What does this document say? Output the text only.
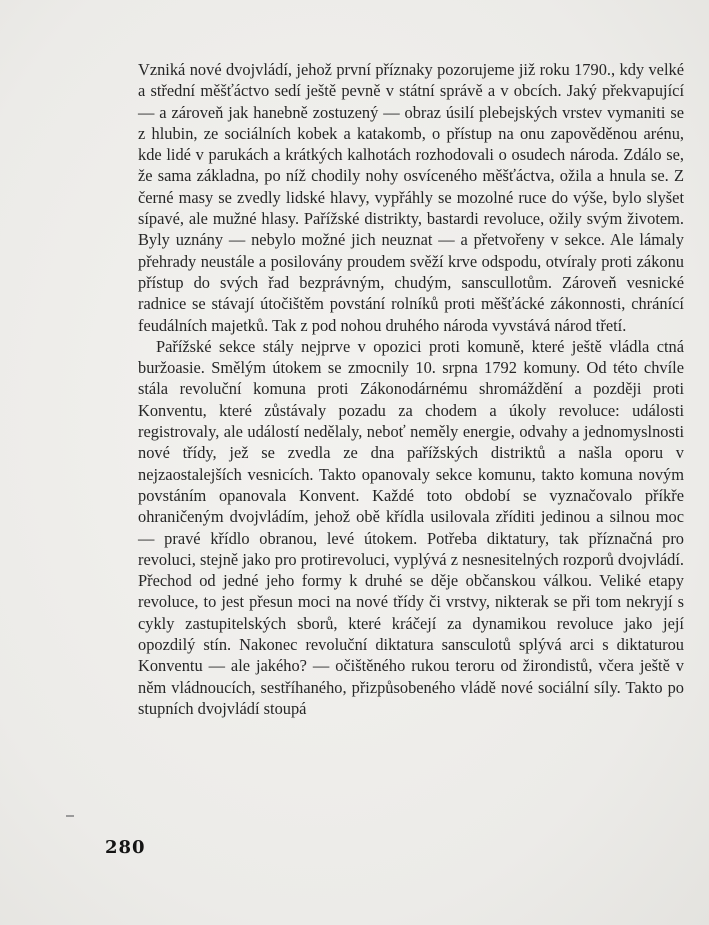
Vzniká nové dvojvládí, jehož první příznaky pozorujeme již roku 1790., kdy velké a střední měšťáctvo sedí ještě pevně v státní správě a v obcích. Jaký překvapující — a zároveň jak hanebně zostuzený — obraz úsilí plebejských vrstev vymaniti se z hlubin, ze sociálních kobek a katakomb, o přístup na onu zapověděnou arénu, kde lidé v parukách a krátkých kalhotách rozhodovali o osudech národa. Zdálo se, že sama základna, po níž chodily nohy osvíceného měšťáctva, ožila a hnula se. Z černé masy se zvedly lidské hlavy, vypřáhly se mozolné ruce do výše, bylo slyšet sípavé, ale mužné hlasy. Pařížské distrikty, bastardi revoluce, ožily svým životem. Byly uznány — nebylo možné jich neuznat — a přetvořeny v sekce. Ale lámaly přehrady neustále a posilovány proudem svěží krve odspodu, otvíraly proti zákonu přístup do svých řad bezprávným, chudým, sanscullotům. Zároveň vesnické radnice se stávají útočištěm povstání rolníků proti měšťácké zákonnosti, chránící feudálních majetků. Tak z pod nohou druhého národa vyvstává národ třetí.

Pařížské sekce stály nejprve v opozici proti komuně, které ještě vládla ctná buržoasie. Smělým útokem se zmocnily 10. srpna 1792 komuny. Od této chvíle stála revoluční komuna proti Zákonodárnému shromáždění a později proti Konventu, které zůstávaly pozadu za chodem a úkoly revoluce: události registrovaly, ale událostí nedělaly, neboť neměly energie, odvahy a jednomyslnosti nové třídy, jež se zvedla ze dna pařížských distriktů a našla oporu v nejzaostalejších vesnicích. Takto opanovaly sekce komunu, takto komuna novým povstáním opanovala Konvent. Každé toto období se vyznačovalo příkře ohraničeným dvojvládím, jehož obě křídla usilovala zříditi jedinou a silnou moc — pravé křídlo obranou, levé útokem. Potřeba diktatury, tak příznačná pro revoluci, stejně jako pro protirevoluci, vyplývá z nesnesitelných rozporů dvojvládí. Přechod od jedné jeho formy k druhé se děje občanskou válkou. Veliké etapy revoluce, to jest přesun moci na nové třídy či vrstvy, nikterak se při tom nekryjí s cykly zastupitelských sborů, které kráčejí za dynamikou revoluce jako její opozdilý stín. Nakonec revoluční diktatura sansculotů splývá arci s diktaturou Konventu — ale jakého? — očištěného rukou teroru od žirondistů, včera ještě v něm vládnoucích, sestříhaného, přizpůsobeného vládě nové sociální síly. Takto po stupních dvojvládí stoupá

280
